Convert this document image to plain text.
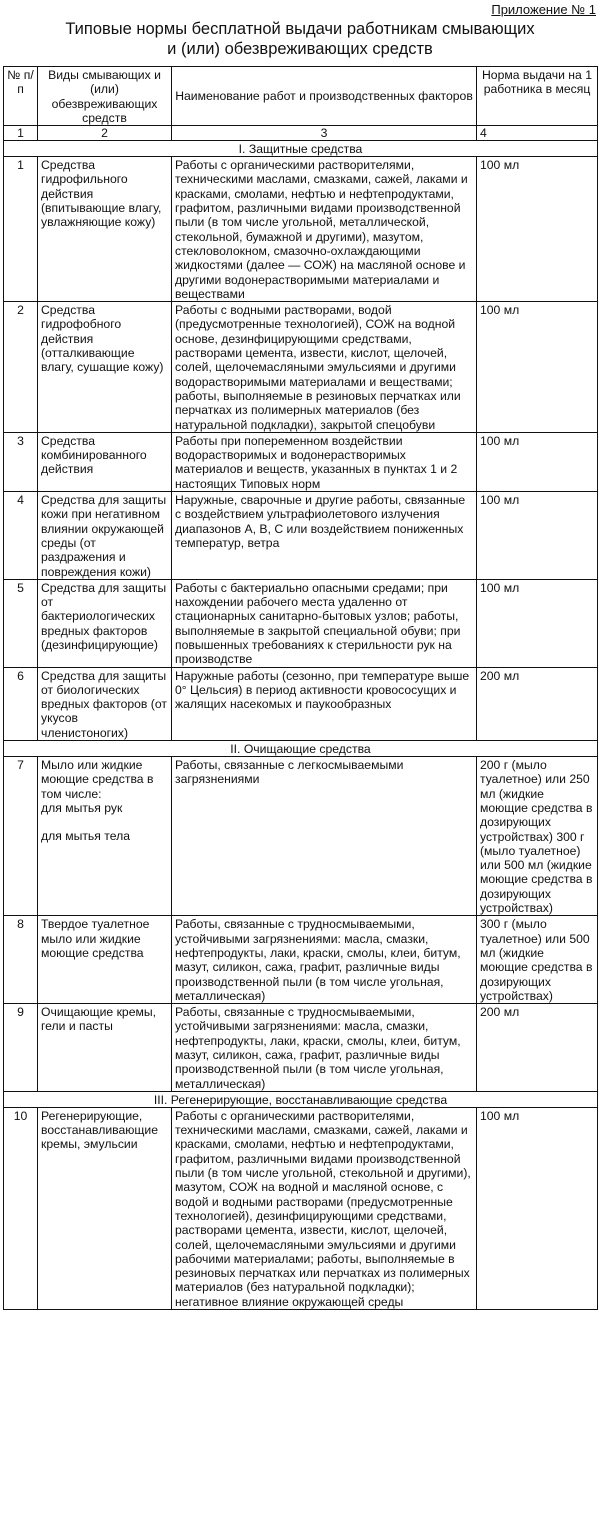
Приложение № 1
Типовые нормы бесплатной выдачи работникам смывающих
и (или) обезвреживающих средств
№ п/п	Виды смывающих и (или) обезвреживающих средств	Наименование работ и производственных факторов	Норма выдачи на 1 работника в месяц
1	2	3	4
I. Защитные средства			
1	Средства гидрофильного действия (впитывающие влагу, увлажняющие кожу)	Работы с органическими растворителями, техническими маслами, смазками, сажей, лаками и красками, смолами, нефтью и нефтепродуктами, графитом, различными видами производственной пыли (в том числе угольной, металлической, стекольной, бумажной и другими), мазутом, стекловолокном, смазочно-охлаждающими жидкостями (далее — СОЖ) на масляной основе и другими водонерастворимыми материалами и веществами	100 мл
2	Средства гидрофобного действия (отталкивающие влагу, сушащие кожу)	Работы с водными растворами, водой (предусмотренные технологией), СОЖ на водной основе, дезинфицирующими средствами, растворами цемента, извести, кислот, щелочей, солей, щелочемасляными эмульсиями и другими водорастворимыми материалами и веществами; работы, выполняемые в резиновых перчатках или перчатках из полимерных материалов (без натуральной подкладки), закрытой спецобуви	100 мл
3	Средства комбинированного действия	Работы при попеременном воздействии водорастворимых и водонерастворимых материалов и веществ, указанных в пунктах 1 и 2 настоящих Типовых норм	100 мл
4	Средства для защиты кожи при негативном влиянии окружающей среды (от раздражения и повреждения кожи)	Наружные, сварочные и другие работы, связанные с воздействием ультрафиолетового излучения диапазонов А, В, С или воздействием пониженных температур, ветра	100 мл
5	Средства для защиты от бактериологических вредных факторов (дезинфицирующие)	Работы с бактериально опасными средами; при нахождении рабочего места удаленно от стационарных санитарно-бытовых узлов; работы, выполняемые в закрытой специальной обуви; при повышенных требованиях к стерильности рук на производстве	100 мл
6	Средства для защиты от биологических вредных факторов (от укусов членистоногих)	Наружные работы (сезонно, при температуре выше 0° Цельсия) в период активности кровососущих и жалящих насекомых и паукообразных	200 мл
II. Очищающие средства			
7	Мыло или жидкие моющие средства в том числе:
для мытья рук
для мытья тела	Работы, связанные с легкосмываемыми загрязнениями	200 г (мыло туалетное) или 250 мл (жидкие моющие средства в дозирующих устройствах) 300 г (мыло туалетное) или 500 мл (жидкие моющие средства в дозирующих устройствах)
8	Твердое туалетное мыло или жидкие моющие средства	Работы, связанные с трудносмываемыми, устойчивыми загрязнениями: масла, смазки, нефтепродукты, лаки, краски, смолы, клеи, битум, мазут, силикон, сажа, графит, различные виды производственной пыли (в том числе угольная, металлическая)	300 г (мыло туалетное) или 500 мл (жидкие моющие средства в дозирующих устройствах)
9	Очищающие кремы, гели и пасты	Работы, связанные с трудносмываемыми, устойчивыми загрязнениями: масла, смазки, нефтепродукты, лаки, краски, смолы, клеи, битум, мазут, силикон, сажа, графит, различные виды производственной пыли (в том числе угольная, металлическая)	200 мл
III. Регенерирующие, восстанавливающие средства			
10	Регенерирующие, восстанавливающие кремы, эмульсии	Работы с органическими растворителями, техническими маслами, смазками, сажей, лаками и красками, смолами, нефтью и нефтепродуктами, графитом, различными видами производственной пыли (в том числе угольной, стекольной и другими), мазутом, СОЖ на водной и масляной основе, с водой и водными растворами (предусмотренные технологией), дезинфицирующими средствами, растворами цемента, извести, кислот, щелочей, солей, щелочемасляными эмульсиями и другими рабочими материалами; работы, выполняемые в резиновых перчатках или перчатках из полимерных материалов (без натуральной подкладки); негативное влияние окружающей среды	100 мл
